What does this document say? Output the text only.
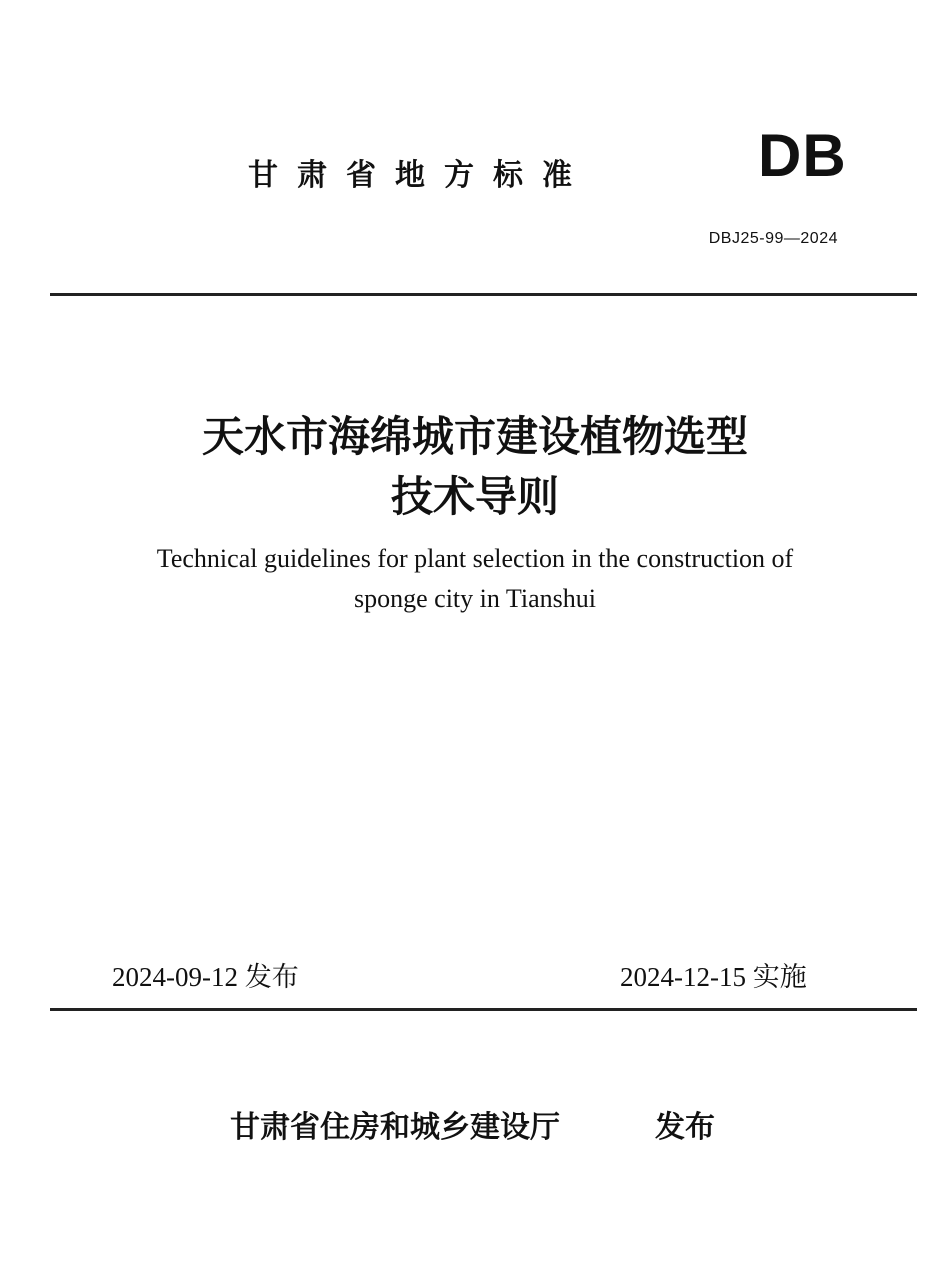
甘肃省地方标准	DB
DBJ25-99—2024
天水市海绵城市建设植物选型
技术导则
Technical guidelines for plant selection in the construction of
sponge city in Tianshui
2024-09-12 发布	2024-12-15 实施
甘肃省住房和城乡建设厅	发布
